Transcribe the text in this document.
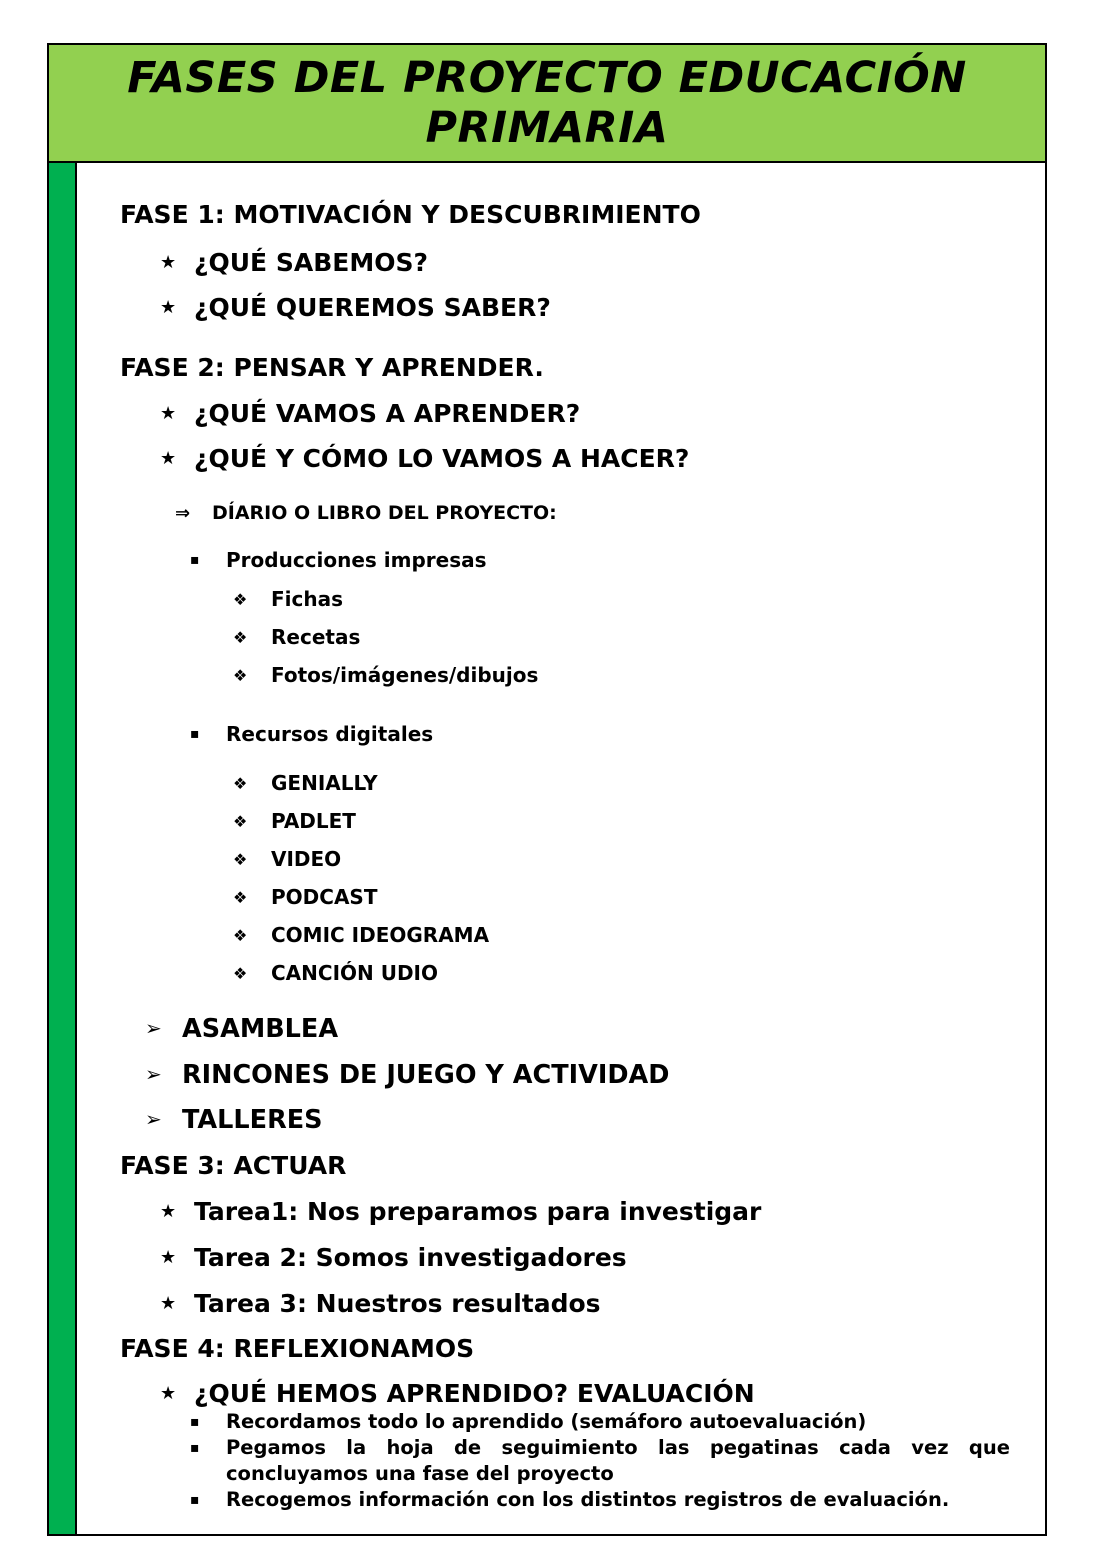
FASES DEL PROYECTO EDUCACIÓN
PRIMARIA
FASE 1: MOTIVACIÓN Y DESCUBRIMIENTO
★ ¿QUÉ SABEMOS?
★ ¿QUÉ QUEREMOS SABER?
FASE 2: PENSAR Y APRENDER.
★ ¿QUÉ VAMOS A APRENDER?
★ ¿QUÉ Y CÓMO LO VAMOS A HACER?
⇒ DÍARIO O LIBRO DEL PROYECTO:
▪ Producciones impresas
❖ Fichas
❖ Recetas
❖ Fotos/imágenes/dibujos
▪ Recursos digitales
❖ GENIALLY
❖ PADLET
❖ VIDEO
❖ PODCAST
❖ COMIC IDEOGRAMA
❖ CANCIÓN UDIO
➢ ASAMBLEA
➢ RINCONES DE JUEGO Y ACTIVIDAD
➢ TALLERES
FASE 3: ACTUAR
★ Tarea1: Nos preparamos para investigar
★ Tarea 2: Somos investigadores
★ Tarea 3: Nuestros resultados
FASE 4: REFLEXIONAMOS
★ ¿QUÉ HEMOS APRENDIDO? EVALUACIÓN
▪	Recordamos todo lo aprendido (semáforo autoevaluación)
▪	Pegamos la hoja de seguimiento las pegatinas cada vez que concluyamos una fase del proyecto
▪	Recogemos información con los distintos registros de evaluación.
